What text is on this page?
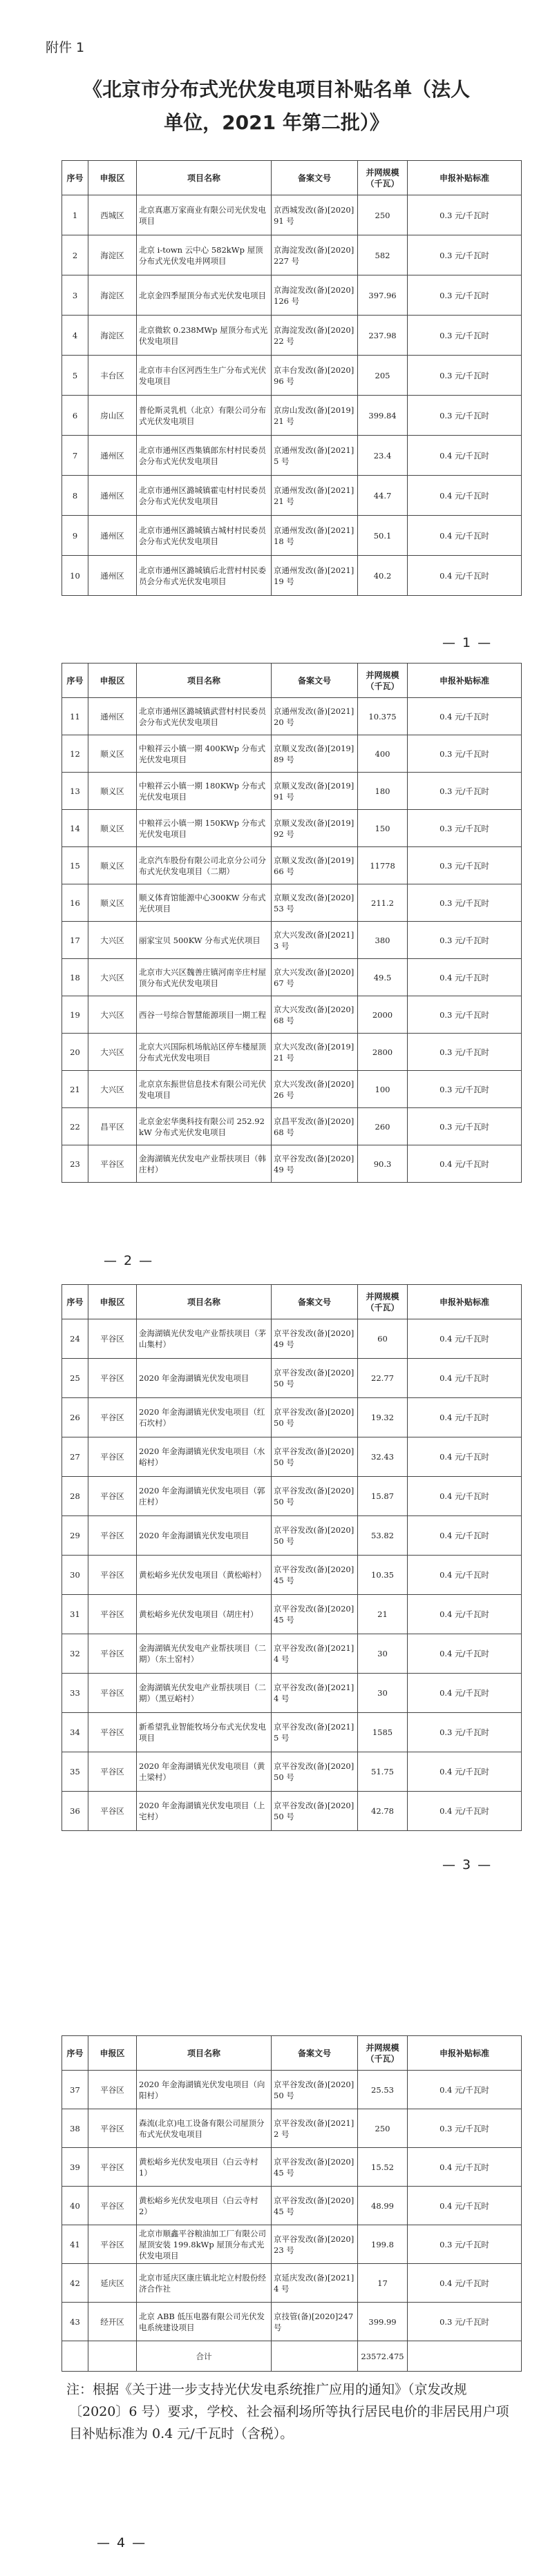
附件 1
《北京市分布式光伏发电项目补贴名单（法人
单位，2021 年第二批）》
序号	申报区	项目名称	备案文号	并网规模（千瓦）	申报补贴标准
1	西城区	北京真惠万家商业有限公司光伏发电项目	京西城发改(备)[2020]91 号	250	0.3 元/千瓦时
2	海淀区	北京 i-town 云中心 582kWp 屋顶分布式光伏发电并网项目	京海淀发改(备)[2020]227 号	582	0.3 元/千瓦时
3	海淀区	北京金四季屋顶分布式光伏发电项目	京海淀发改(备)[2020]126 号	397.96	0.3 元/千瓦时
4	海淀区	北京微软 0.238MWp 屋顶分布式光伏发电项目	京海淀发改(备)[2020]22 号	237.98	0.3 元/千瓦时
5	丰台区	北京市丰台区河西生生广分布式光伏发电项目	京丰台发改(备)[2020]96 号	205	0.3 元/千瓦时
6	房山区	普伦斯灵乳机（北京）有限公司分布式光伏发电项目	京房山发改(备)[2019]21 号	399.84	0.3 元/千瓦时
7	通州区	北京市通州区西集镇郎东村村民委员会分布式光伏发电项目	京通州发改(备)[2021]5 号	23.4	0.4 元/千瓦时
8	通州区	北京市通州区潞城镇霍屯村村民委员会分布式光伏发电项目	京通州发改(备)[2021]21 号	44.7	0.4 元/千瓦时
9	通州区	北京市通州区潞城镇古城村村民委员会分布式光伏发电项目	京通州发改(备)[2021]18 号	50.1	0.4 元/千瓦时
10	通州区	北京市通州区潞城镇后北营村村民委员会分布式光伏发电项目	京通州发改(备)[2021]19 号	40.2	0.4 元/千瓦时
— 1 —
序号	申报区	项目名称	备案文号	并网规模（千瓦）	申报补贴标准
11	通州区	北京市通州区潞城镇武营村村民委员会分布式光伏发电项目	京通州发改(备)[2021]20 号	10.375	0.4 元/千瓦时
12	顺义区	中粮祥云小镇一期 400KWp 分布式光伏发电项目	京顺义发改(备)[2019]89 号	400	0.3 元/千瓦时
13	顺义区	中粮祥云小镇一期 180KWp 分布式光伏发电项目	京顺义发改(备)[2019]91 号	180	0.3 元/千瓦时
14	顺义区	中粮祥云小镇一期 150KWp 分布式光伏发电项目	京顺义发改(备)[2019]92 号	150	0.3 元/千瓦时
15	顺义区	北京汽车股份有限公司北京分公司分布式光伏发电项目（二期）	京顺义发改(备)[2019]66 号	11778	0.3 元/千瓦时
16	顺义区	顺义体育馆能源中心300KW 分布式光伏项目	京顺义发改(备)[2020]53 号	211.2	0.3 元/千瓦时
17	大兴区	丽家宝贝 500KW 分布式光伏项目	京大兴发改(备)[2021]3 号	380	0.3 元/千瓦时
18	大兴区	北京市大兴区魏善庄镇河南辛庄村屋顶分布式光伏发电项目	京大兴发改(备)[2020]67 号	49.5	0.4 元/千瓦时
19	大兴区	西谷一号综合智慧能源项目一期工程	京大兴发改(备)[2020]68 号	2000	0.3 元/千瓦时
20	大兴区	北京大兴国际机场航站区停车楼屋顶分布式光伏发电项目	京大兴发改(备)[2019]21 号	2800	0.3 元/千瓦时
21	大兴区	北京京东振世信息技术有限公司光伏发电项目	京大兴发改(备)[2020]26 号	100	0.3 元/千瓦时
22	昌平区	北京金宏华奥科技有限公司 252.92kW 分布式光伏发电项目	京昌平发改(备)[2020]68 号	260	0.3 元/千瓦时
23	平谷区	金海湖镇光伏发电产业帮扶项目（韩庄村）	京平谷发改(备)[2020]49 号	90.3	0.4 元/千瓦时
— 2 —
序号	申报区	项目名称	备案文号	并网规模（千瓦）	申报补贴标准
24	平谷区	金海湖镇光伏发电产业帮扶项目（茅山集村）	京平谷发改(备)[2020]49 号	60	0.4 元/千瓦时
25	平谷区	2020 年金海湖镇光伏发电项目	京平谷发改(备)[2020]50 号	22.77	0.4 元/千瓦时
26	平谷区	2020 年金海湖镇光伏发电项目（红石坎村）	京平谷发改(备)[2020]50 号	19.32	0.4 元/千瓦时
27	平谷区	2020 年金海湖镇光伏发电项目（水峪村）	京平谷发改(备)[2020]50 号	32.43	0.4 元/千瓦时
28	平谷区	2020 年金海湖镇光伏发电项目（郭庄村）	京平谷发改(备)[2020]50 号	15.87	0.4 元/千瓦时
29	平谷区	2020 年金海湖镇光伏发电项目	京平谷发改(备)[2020]50 号	53.82	0.4 元/千瓦时
30	平谷区	黄松峪乡光伏发电项目（黄松峪村）	京平谷发改(备)[2020]45 号	10.35	0.4 元/千瓦时
31	平谷区	黄松峪乡光伏发电项目（胡庄村）	京平谷发改(备)[2020]45 号	21	0.4 元/千瓦时
32	平谷区	金海湖镇光伏发电产业帮扶项目（二期）（东土窑村）	京平谷发改(备)[2021]4 号	30	0.4 元/千瓦时
33	平谷区	金海湖镇光伏发电产业帮扶项目（二期）（黑豆峪村）	京平谷发改(备)[2021]4 号	30	0.4 元/千瓦时
34	平谷区	新希望乳业智能牧场分布式光伏发电项目	京平谷发改(备)[2021]5 号	1585	0.3 元/千瓦时
35	平谷区	2020 年金海湖镇光伏发电项目（黄土梁村）	京平谷发改(备)[2020]50 号	51.75	0.4 元/千瓦时
36	平谷区	2020 年金海湖镇光伏发电项目（上宅村）	京平谷发改(备)[2020]50 号	42.78	0.4 元/千瓦时
— 3 —
序号	申报区	项目名称	备案文号	并网规模（千瓦）	申报补贴标准
37	平谷区	2020 年金海湖镇光伏发电项目（向阳村）	京平谷发改(备)[2020]50 号	25.53	0.4 元/千瓦时
38	平谷区	森流(北京)电工设备有限公司屋顶分布式光伏发电项目	京平谷发改(备)[2021]2 号	250	0.3 元/千瓦时
39	平谷区	黄松峪乡光伏发电项目（白云寺村 1）	京平谷发改(备)[2020]45 号	15.52	0.4 元/千瓦时
40	平谷区	黄松峪乡光伏发电项目（白云寺村 2）	京平谷发改(备)[2020]45 号	48.99	0.4 元/千瓦时
41	平谷区	北京市顺鑫平谷粮油加工厂有限公司屋顶安装 199.8kWp 屋顶分布式光伏发电项目	京平谷发改(备)[2020]23 号	199.8	0.3 元/千瓦时
42	延庆区	北京市延庆区康庄镇北坨立村股份经济合作社	京延庆发改(备)[2021]4 号	17	0.4 元/千瓦时
43	经开区	北京 ABB 低压电器有限公司光伏发电系统建设项目	京技管(备)[2020]247 号	399.99	0.3 元/千瓦时
		合计		23572.475	
注：根据《关于进一步支持光伏发电系统推广应用的通知》（京发改规〔2020〕6 号）要求，学校、社会福利场所等执行居民电价的非居民用户项目补贴标准为 0.4 元/千瓦时（含税）。
— 4 —
